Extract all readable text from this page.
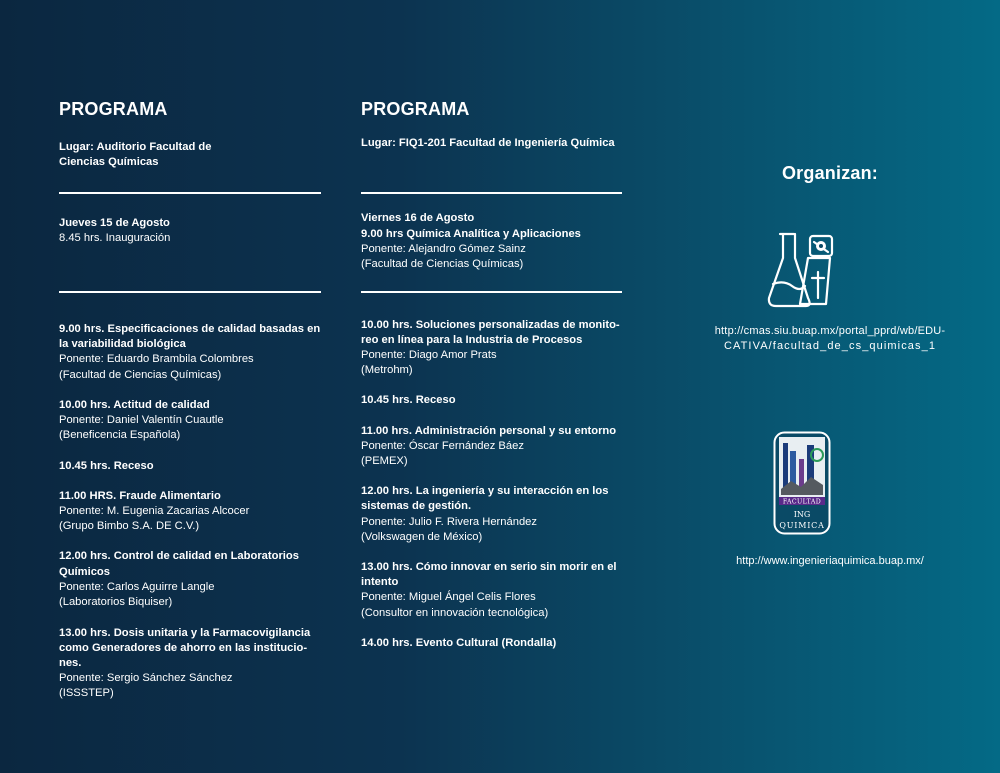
PROGRAMA
Lugar: Auditorio Facultad de
Ciencias Químicas
Jueves 15 de Agosto
8.45 hrs. Inauguración
9.00 hrs. Especificaciones de calidad basadas en
la variabilidad biológica
Ponente: Eduardo Brambila Colombres
(Facultad de Ciencias Químicas)
10.00 hrs. Actitud de calidad
Ponente: Daniel Valentín Cuautle
(Beneficencia Española)
10.45 hrs. Receso
11.00 HRS. Fraude Alimentario
Ponente: M. Eugenia Zacarias Alcocer
(Grupo Bimbo S.A. DE C.V.)
12.00 hrs. Control de calidad en Laboratorios
Químicos
Ponente: Carlos Aguirre Langle
(Laboratorios Biquiser)
13.00 hrs. Dosis unitaria y la Farmacovigilancia
como Generadores de ahorro en las institucio-
nes.
Ponente: Sergio Sánchez Sánchez
(ISSSTEP)
PROGRAMA
Lugar: FIQ1-201 Facultad de Ingeniería Química
Viernes 16 de Agosto
9.00 hrs Química Analítica y Aplicaciones
Ponente: Alejandro Gómez Sainz
(Facultad de Ciencias Químicas)
10.00 hrs. Soluciones personalizadas de monito-
reo en línea para la Industria de Procesos
Ponente: Diago Amor Prats
(Metrohm)
10.45 hrs. Receso
11.00 hrs. Administración personal y su entorno
Ponente: Óscar Fernández Báez
(PEMEX)
12.00 hrs. La ingeniería y su interacción en los
sistemas de gestión.
Ponente: Julio F. Rivera Hernández
(Volkswagen de México)
13.00 hrs. Cómo innovar en serio sin morir en el
intento
Ponente: Miguel Ángel Celis Flores
(Consultor en innovación tecnológica)
14.00 hrs. Evento Cultural (Rondalla)
Organizan:
http://cmas.siu.buap.mx/portal_pprd/wb/EDU-
CATIVA/facultad_de_cs_quimicas_1
FACULTAD
ING
QUIMICA
http://www.ingenieriaquimica.buap.mx/
